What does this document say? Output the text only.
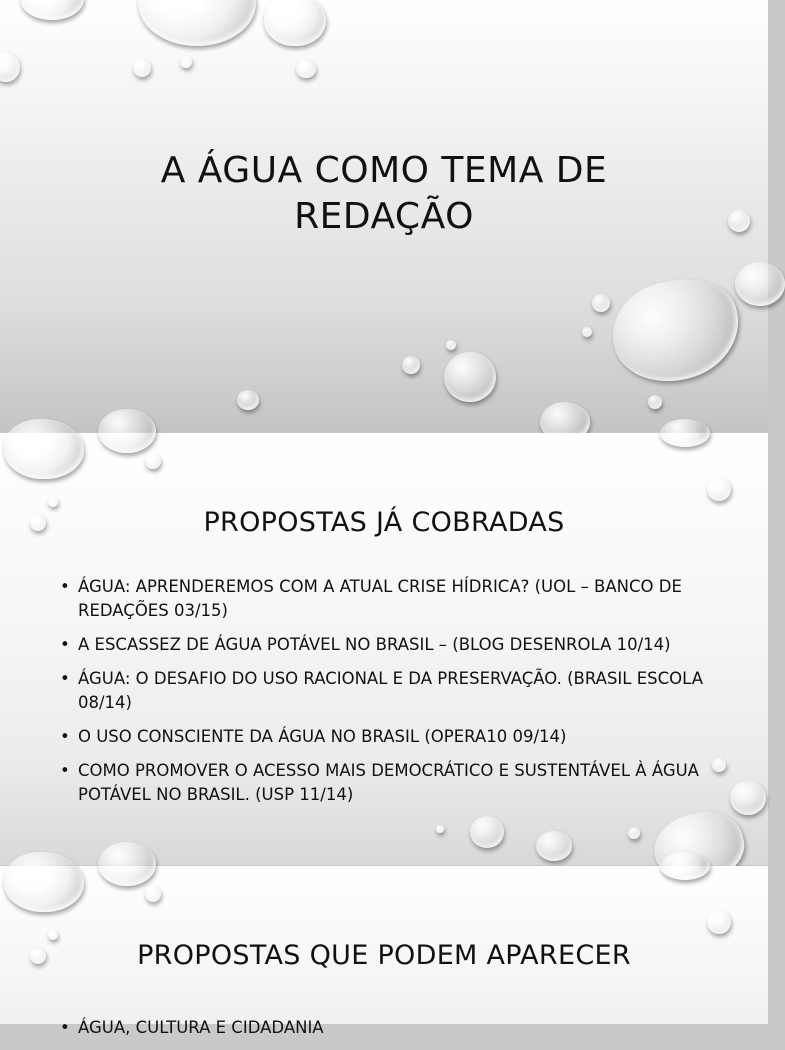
A ÁGUA COMO TEMA DE REDAÇÃO
PROPOSTAS JÁ COBRADAS
• ÁGUA: APRENDEREMOS COM A ATUAL CRISE HÍDRICA? (UOL – BANCO DE REDAÇÕES 03/15)
• A ESCASSEZ DE ÁGUA POTÁVEL NO BRASIL – (BLOG DESENROLA 10/14)
• ÁGUA: O DESAFIO DO USO RACIONAL E DA PRESERVAÇÃO. (BRASIL ESCOLA 08/14)
• O USO CONSCIENTE DA ÁGUA NO BRASIL (OPERA10 09/14)
• COMO PROMOVER O ACESSO MAIS DEMOCRÁTICO E SUSTENTÁVEL À ÁGUA POTÁVEL NO BRASIL. (USP 11/14)
PROPOSTAS QUE PODEM APARECER
• ÁGUA, CULTURA E CIDADANIA
